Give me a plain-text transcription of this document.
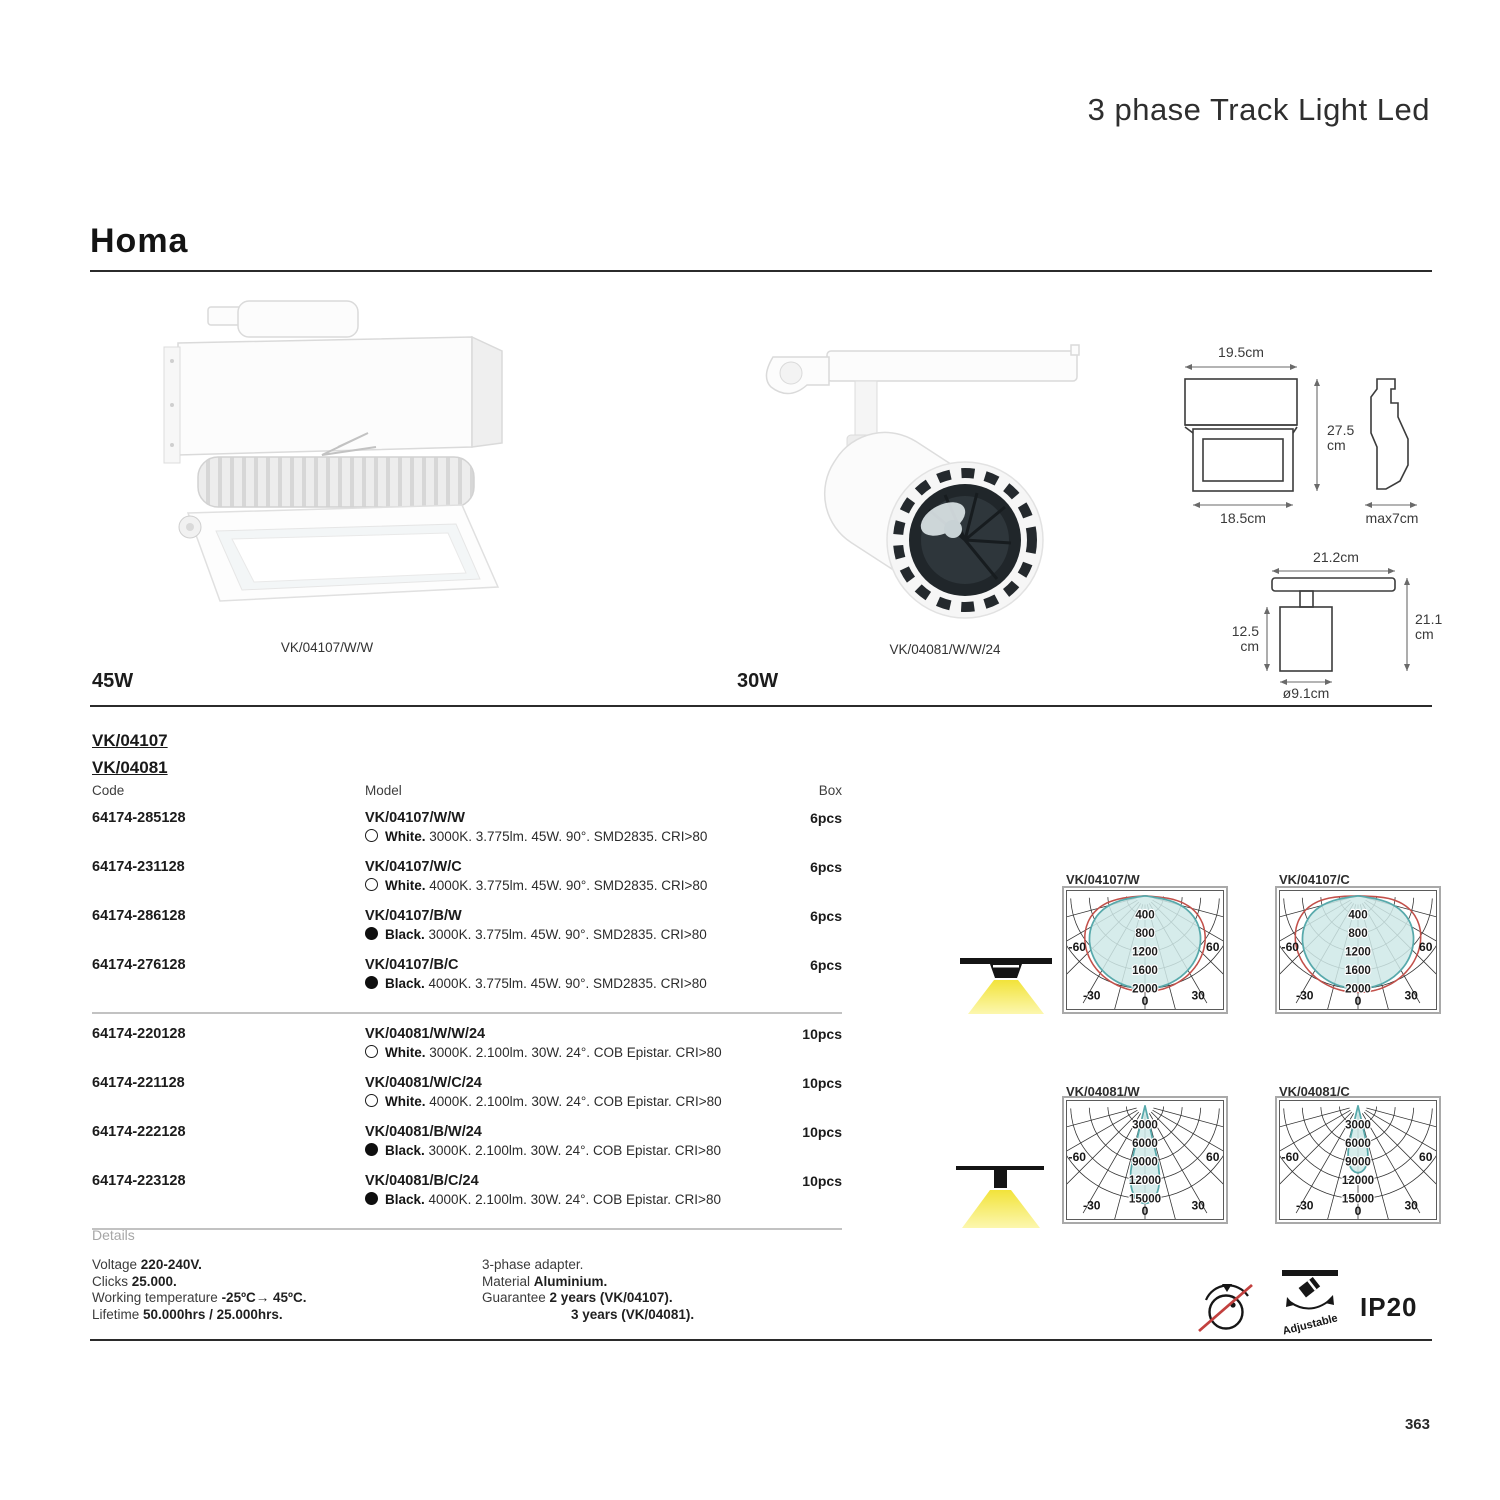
3 phase Track Light Led
Homa
VK/04107/W/W	VK/04081/W/W/24
19.5cm
27.5
cm
18.5cm	max7cm
21.2cm
12.5
cm
21.1
cm
ø9.1cm
45W	30W
VK/04107
VK/04081
Code	Model	Box
64174-285128	VK/04107/W/W	6pcs
White. 3000K. 3.775lm. 45W. 90°. SMD2835. CRI>80
64174-231128	VK/04107/W/C	6pcs
White. 4000K. 3.775lm. 45W. 90°. SMD2835. CRI>80
64174-286128	VK/04107/B/W	6pcs
Black. 3000K. 3.775lm. 45W. 90°. SMD2835. CRI>80
64174-276128	VK/04107/B/C	6pcs
Black. 4000K. 3.775lm. 45W. 90°. SMD2835. CRI>80
64174-220128	VK/04081/W/W/24	10pcs
White. 3000K. 2.100lm. 30W. 24°. COB Epistar. CRI>80
64174-221128	VK/04081/W/C/24	10pcs
White. 4000K. 2.100lm. 30W. 24°. COB Epistar. CRI>80
64174-222128	VK/04081/B/W/24	10pcs
Black. 3000K. 2.100lm. 30W. 24°. COB Epistar. CRI>80
64174-223128	VK/04081/B/C/24	10pcs
Black. 4000K. 2.100lm. 30W. 24°. COB Epistar. CRI>80
Details
Voltage 220-240V.
Clicks 25.000.
Working temperature -25ºC→ 45ºC.
Lifetime 50.000hrs / 25.000hrs.
3-phase adapter.
Material Aluminium.
Guarantee 2 years (VK/04107).
3 years (VK/04081).
VK/04107/W
400
800
1200
1600
2000
-30	0	30
-60	60
VK/04107/C
400
800
1200
1600
2000
-30	0	30
-60	60
VK/04081/W
3000
6000
9000
12000
15000
-30	0	30
-60	60
VK/04081/C
3000
6000
9000
12000
15000
-30	0	30
-60	60
Adjustable
IP20
363
